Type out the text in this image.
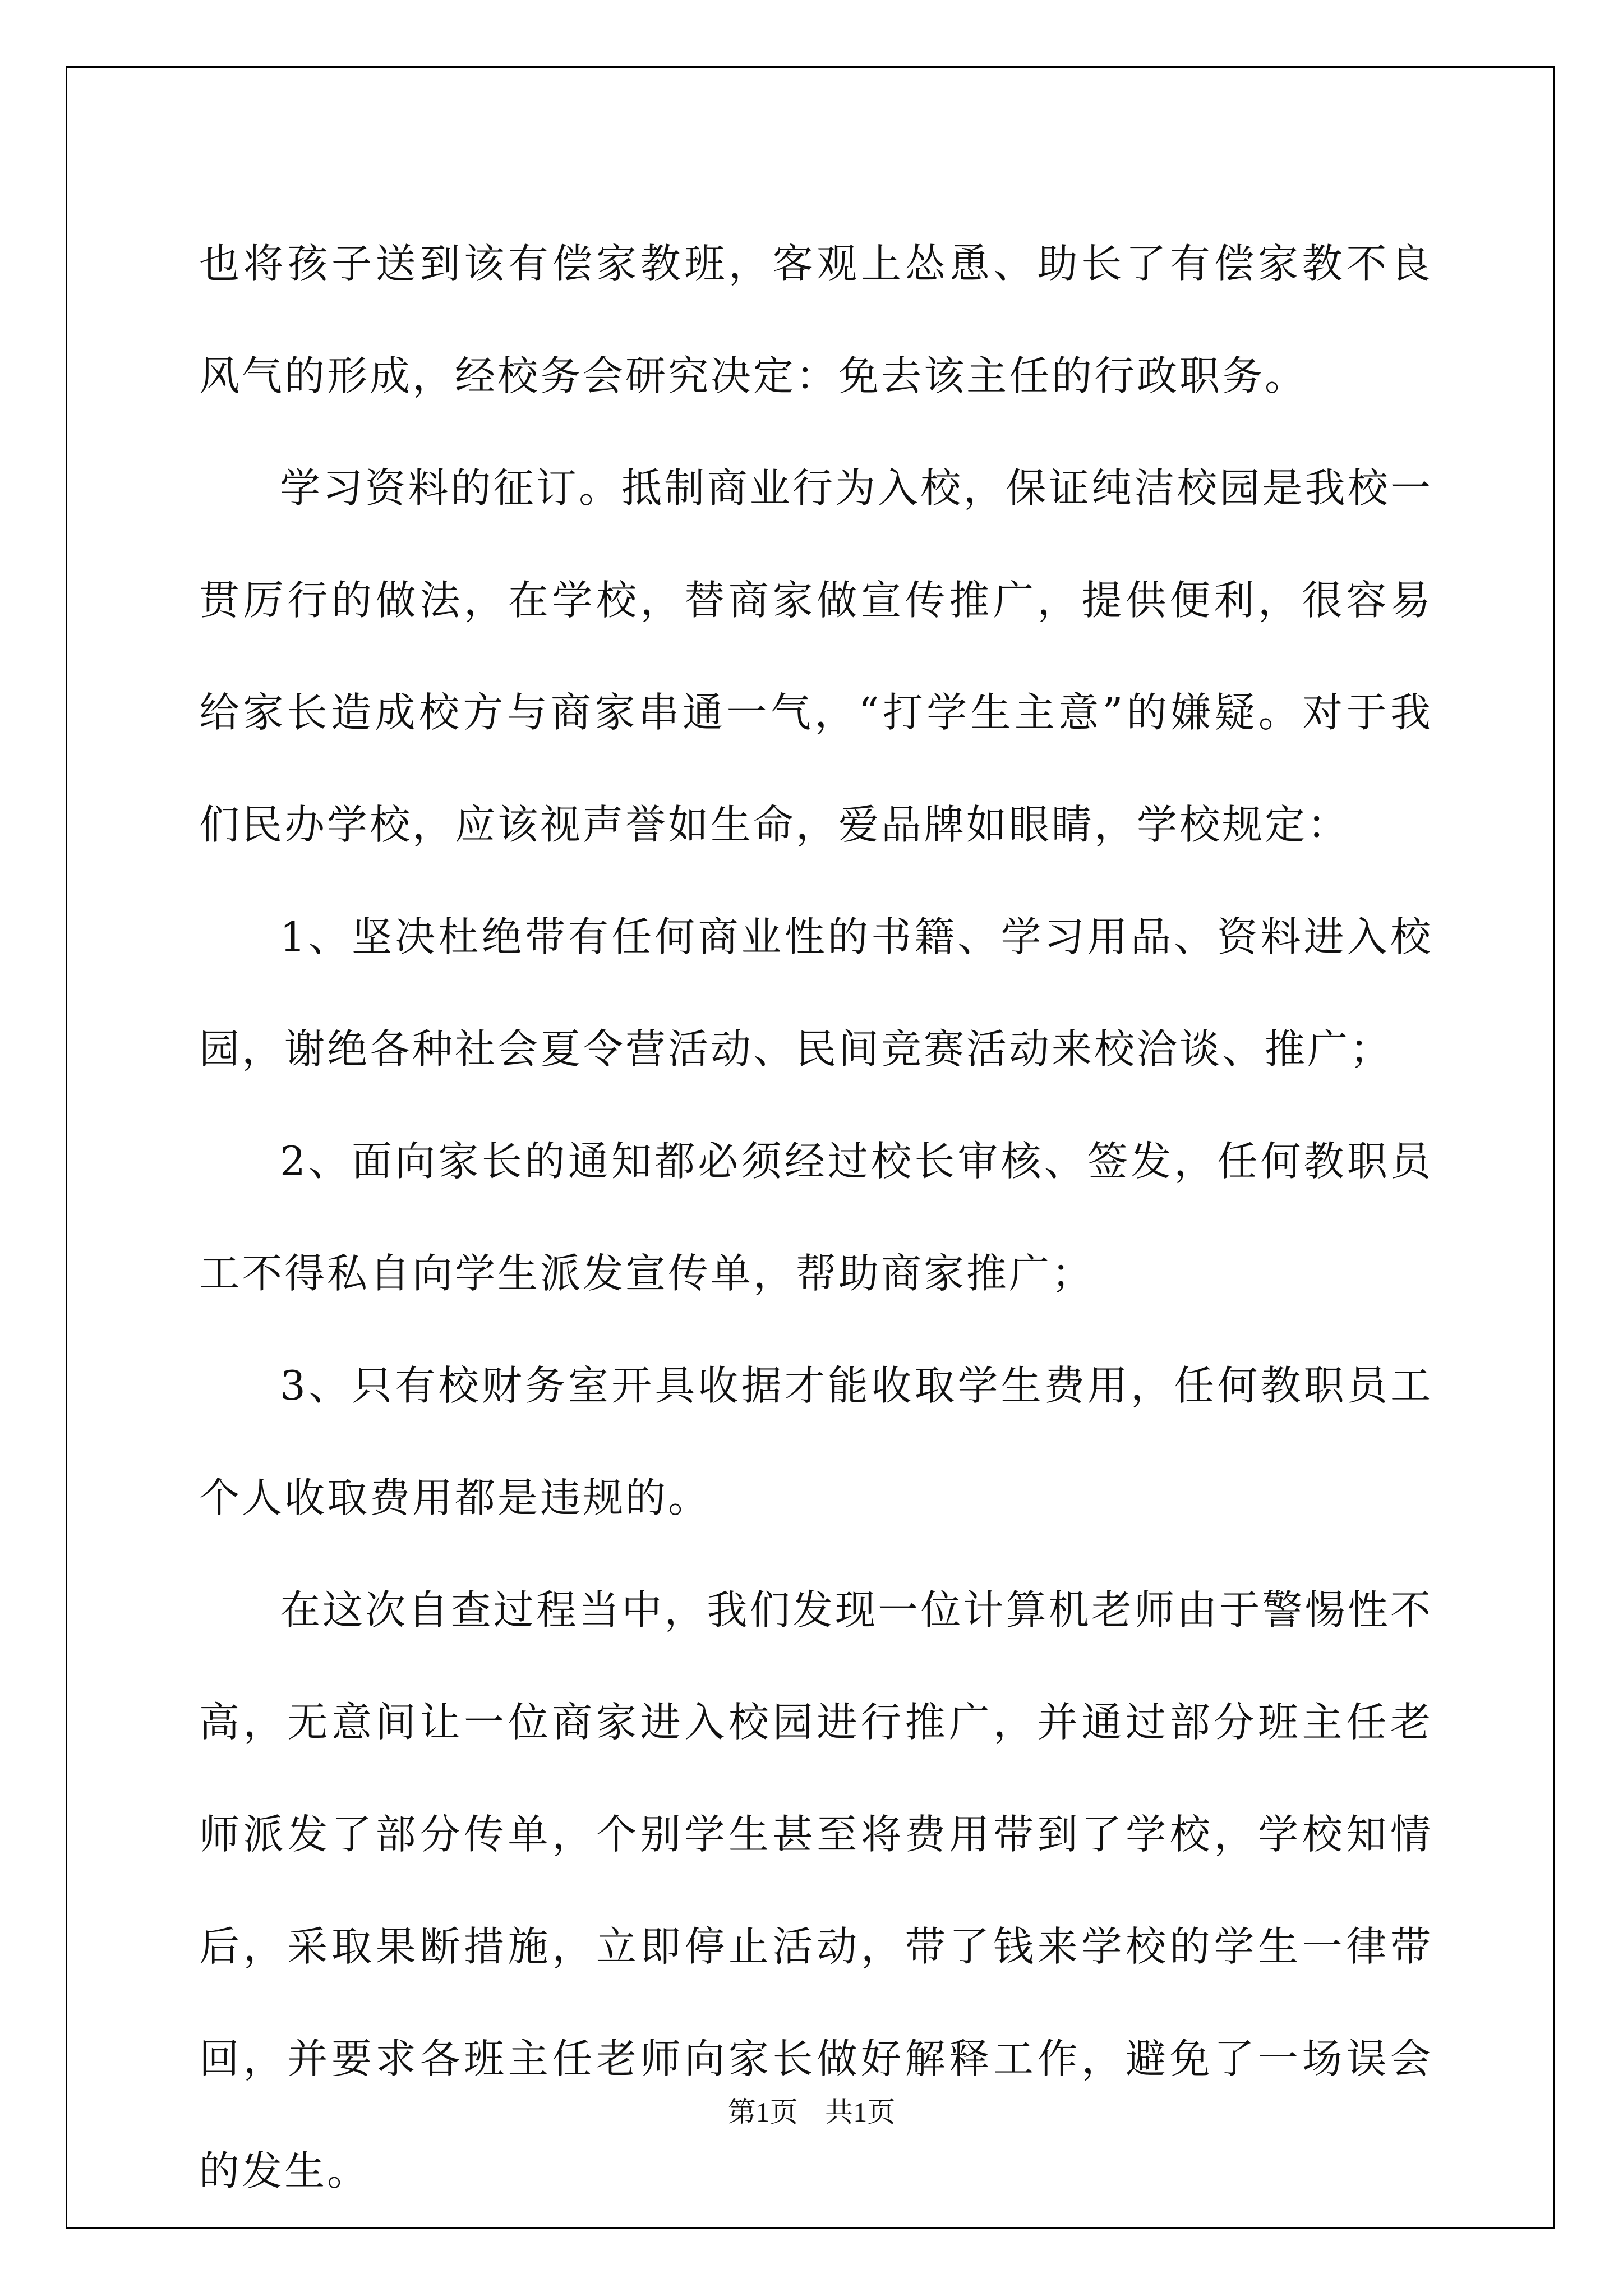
也将孩子送到该有偿家教班，客观上怂恿、助长了有偿家教不良风气的形成，经校务会研究决定：免去该主任的行政职务。

学习资料的征订。抵制商业行为入校，保证纯洁校园是我校一贯厉行的做法，在学校，替商家做宣传推广，提供便利，很容易给家长造成校方与商家串通一气，“打学生主意”的嫌疑。对于我们民办学校，应该视声誉如生命，爱品牌如眼睛，学校规定：

1、坚决杜绝带有任何商业性的书籍、学习用品、资料进入校园，谢绝各种社会夏令营活动、民间竞赛活动来校洽谈、推广；

2、面向家长的通知都必须经过校长审核、签发，任何教职员工不得私自向学生派发宣传单，帮助商家推广；

3、只有校财务室开具收据才能收取学生费用，任何教职员工个人收取费用都是违规的。

在这次自查过程当中，我们发现一位计算机老师由于警惕性不高，无意间让一位商家进入校园进行推广，并通过部分班主任老师派发了部分传单，个别学生甚至将费用带到了学校，学校知情后，采取果断措施，立即停止活动，带了钱来学校的学生一律带回，并要求各班主任老师向家长做好解释工作，避免了一场误会的发生。

第1页 共1页
